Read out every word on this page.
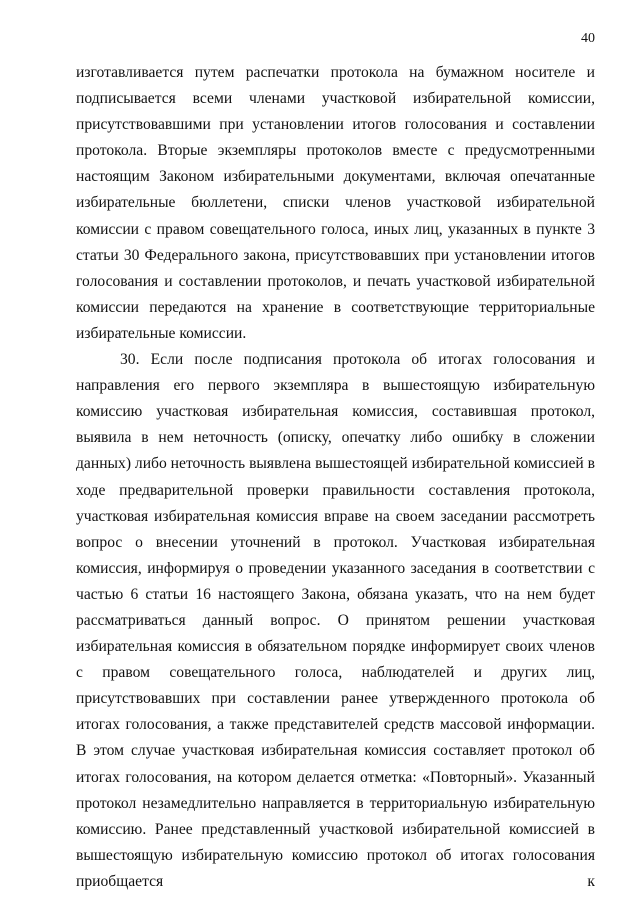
40

изготавливается путем распечатки протокола на бумажном носителе и подписывается всеми членами участковой избирательной комиссии, присутствовавшими при установлении итогов голосования и составлении протокола. Вторые экземпляры протоколов вместе с предусмотренными настоящим Законом избирательными документами, включая опечатанные избирательные бюллетени, списки членов участковой избирательной комиссии с правом совещательного голоса, иных лиц, указанных в пункте 3 статьи 30 Федерального закона, присутствовавших при установлении итогов голосования и составлении протоколов, и печать участковой избирательной комиссии передаются на хранение в соответствующие территориальные избирательные комиссии.

30. Если после подписания протокола об итогах голосования и направления его первого экземпляра в вышестоящую избирательную комиссию участковая избирательная комиссия, составившая протокол, выявила в нем неточность (описку, опечатку либо ошибку в сложении данных) либо неточность выявлена вышестоящей избирательной комиссией в ходе предварительной проверки правильности составления протокола, участковая избирательная комиссия вправе на своем заседании рассмотреть вопрос о внесении уточнений в протокол. Участковая избирательная комиссия, информируя о проведении указанного заседания в соответствии с частью 6 статьи 16 настоящего Закона, обязана указать, что на нем будет рассматриваться данный вопрос. О принятом решении участковая избирательная комиссия в обязательном порядке информирует своих членов с правом совещательного голоса, наблюдателей и других лиц, присутствовавших при составлении ранее утвержденного протокола об итогах голосования, а также представителей средств массовой информации. В этом случае участковая избирательная комиссия составляет протокол об итогах голосования, на котором делается отметка: «Повторный». Указанный протокол незамедлительно направляется в территориальную избирательную комиссию. Ранее представленный участковой избирательной комиссией в вышестоящую избирательную комиссию протокол об итогах голосования приобщается к
